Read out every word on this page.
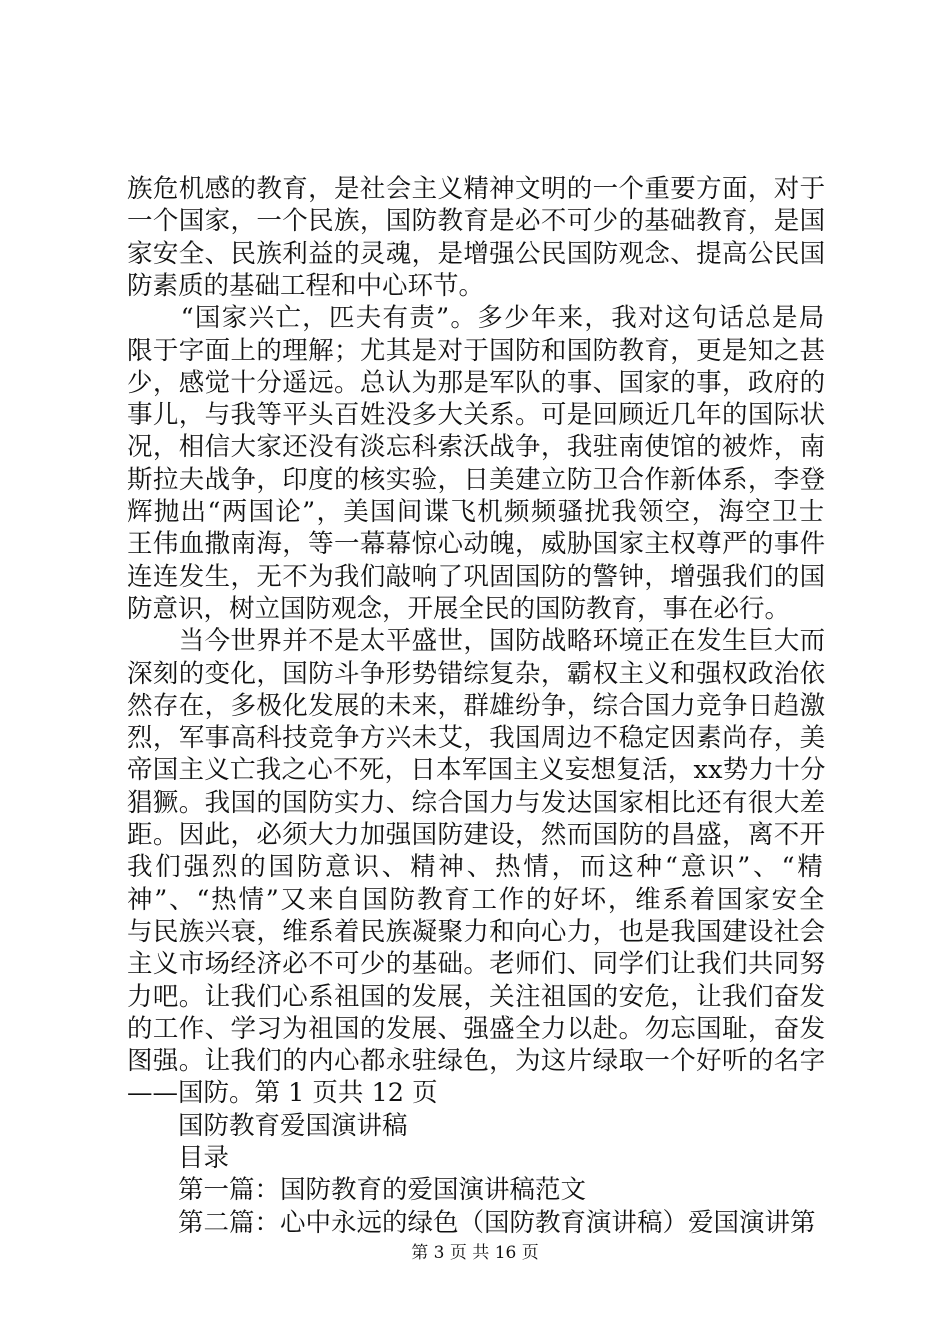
族危机感的教育，是社会主义精神文明的一个重要方面，对于
一个国家，一个民族，国防教育是必不可少的基础教育，是国
家安全、民族利益的灵魂，是增强公民国防观念、提高公民国
防素质的基础工程和中心环节。
　　“国家兴亡，匹夫有责”。多少年来，我对这句话总是局
限于字面上的理解；尤其是对于国防和国防教育，更是知之甚
少，感觉十分遥远。总认为那是军队的事、国家的事，政府的
事儿，与我等平头百姓没多大关系。可是回顾近几年的国际状
况，相信大家还没有淡忘科索沃战争，我驻南使馆的被炸，南
斯拉夫战争，印度的核实验，日美建立防卫合作新体系，李登
辉抛出“两国论”，美国间谍飞机频频骚扰我领空，海空卫士
王伟血撒南海，等一幕幕惊心动魄，威胁国家主权尊严的事件
连连发生，无不为我们敲响了巩固国防的警钟，增强我们的国
防意识，树立国防观念，开展全民的国防教育，事在必行。
　　当今世界并不是太平盛世，国防战略环境正在发生巨大而
深刻的变化，国防斗争形势错综复杂，霸权主义和强权政治依
然存在，多极化发展的未来，群雄纷争，综合国力竞争日趋激
烈，军事高科技竞争方兴未艾，我国周边不稳定因素尚存，美
帝国主义亡我之心不死，日本军国主义妄想复活，xx势力十分
猖獗。我国的国防实力、综合国力与发达国家相比还有很大差
距。因此，必须大力加强国防建设，然而国防的昌盛，离不开
我们强烈的国防意识、精神、热情，而这种“意识”、“精
神”、“热情”又来自国防教育工作的好坏，维系着国家安全
与民族兴衰，维系着民族凝聚力和向心力，也是我国建设社会
主义市场经济必不可少的基础。老师们、同学们让我们共同努
力吧。让我们心系祖国的发展，关注祖国的安危，让我们奋发
的工作、学习为祖国的发展、强盛全力以赴。勿忘国耻，奋发
图强。让我们的内心都永驻绿色，为这片绿取一个好听的名字
——国防。第 1 页共 12 页
　　国防教育爱国演讲稿
　　目录
　　第一篇：国防教育的爱国演讲稿范文
　　第二篇：心中永远的绿色（国防教育演讲稿）爱国演讲第
第 3 页 共 16 页
